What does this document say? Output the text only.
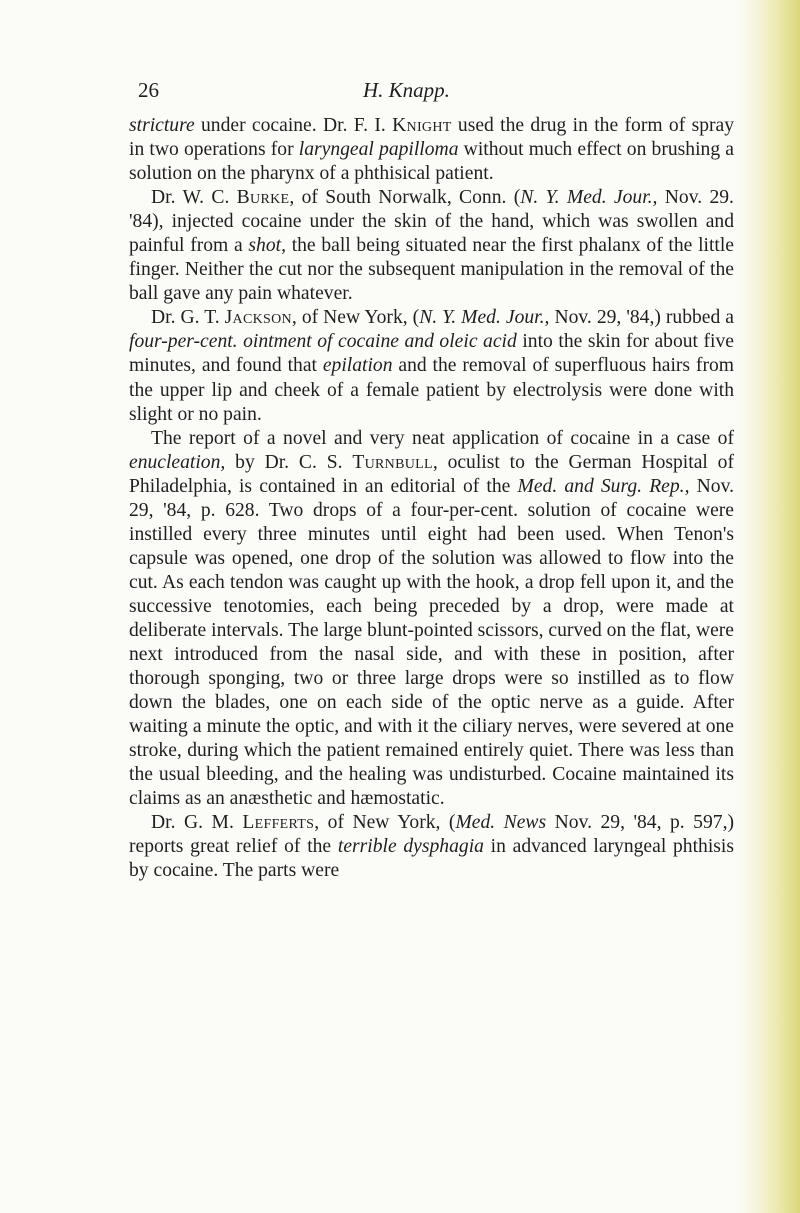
26	H. Knapp.

stricture under cocaine. Dr. F. I. Knight used the drug in the form of spray in two operations for laryngeal papilloma without much effect on brushing a solution on the pharynx of a phthisical patient.

Dr. W. C. Burke, of South Norwalk, Conn. (N. Y. Med. Jour., Nov. 29. '84), injected cocaine under the skin of the hand, which was swollen and painful from a shot, the ball being situated near the first phalanx of the little finger. Neither the cut nor the subsequent manipulation in the removal of the ball gave any pain whatever.

Dr. G. T. Jackson, of New York, (N. Y. Med. Jour., Nov. 29, '84,) rubbed a four-per-cent. ointment of cocaine and oleic acid into the skin for about five minutes, and found that epilation and the removal of superfluous hairs from the upper lip and cheek of a female patient by electrolysis were done with slight or no pain.

The report of a novel and very neat application of cocaine in a case of enucleation, by Dr. C. S. Turnbull, oculist to the German Hospital of Philadelphia, is contained in an editorial of the Med. and Surg. Rep., Nov. 29, '84, p. 628. Two drops of a four-per-cent. solution of cocaine were instilled every three minutes until eight had been used. When Tenon's capsule was opened, one drop of the solution was allowed to flow into the cut. As each tendon was caught up with the hook, a drop fell upon it, and the successive tenotomies, each being preceded by a drop, were made at deliberate intervals. The large blunt-pointed scissors, curved on the flat, were next introduced from the nasal side, and with these in position, after thorough sponging, two or three large drops were so instilled as to flow down the blades, one on each side of the optic nerve as a guide. After waiting a minute the optic, and with it the ciliary nerves, were severed at one stroke, during which the patient remained entirely quiet. There was less than the usual bleeding, and the healing was undisturbed. Cocaine maintained its claims as an anæsthetic and hæmostatic.

Dr. G. M. Lefferts, of New York, (Med. News Nov. 29, '84, p. 597,) reports great relief of the terrible dysphagia in advanced laryngeal phthisis by cocaine. The parts were
